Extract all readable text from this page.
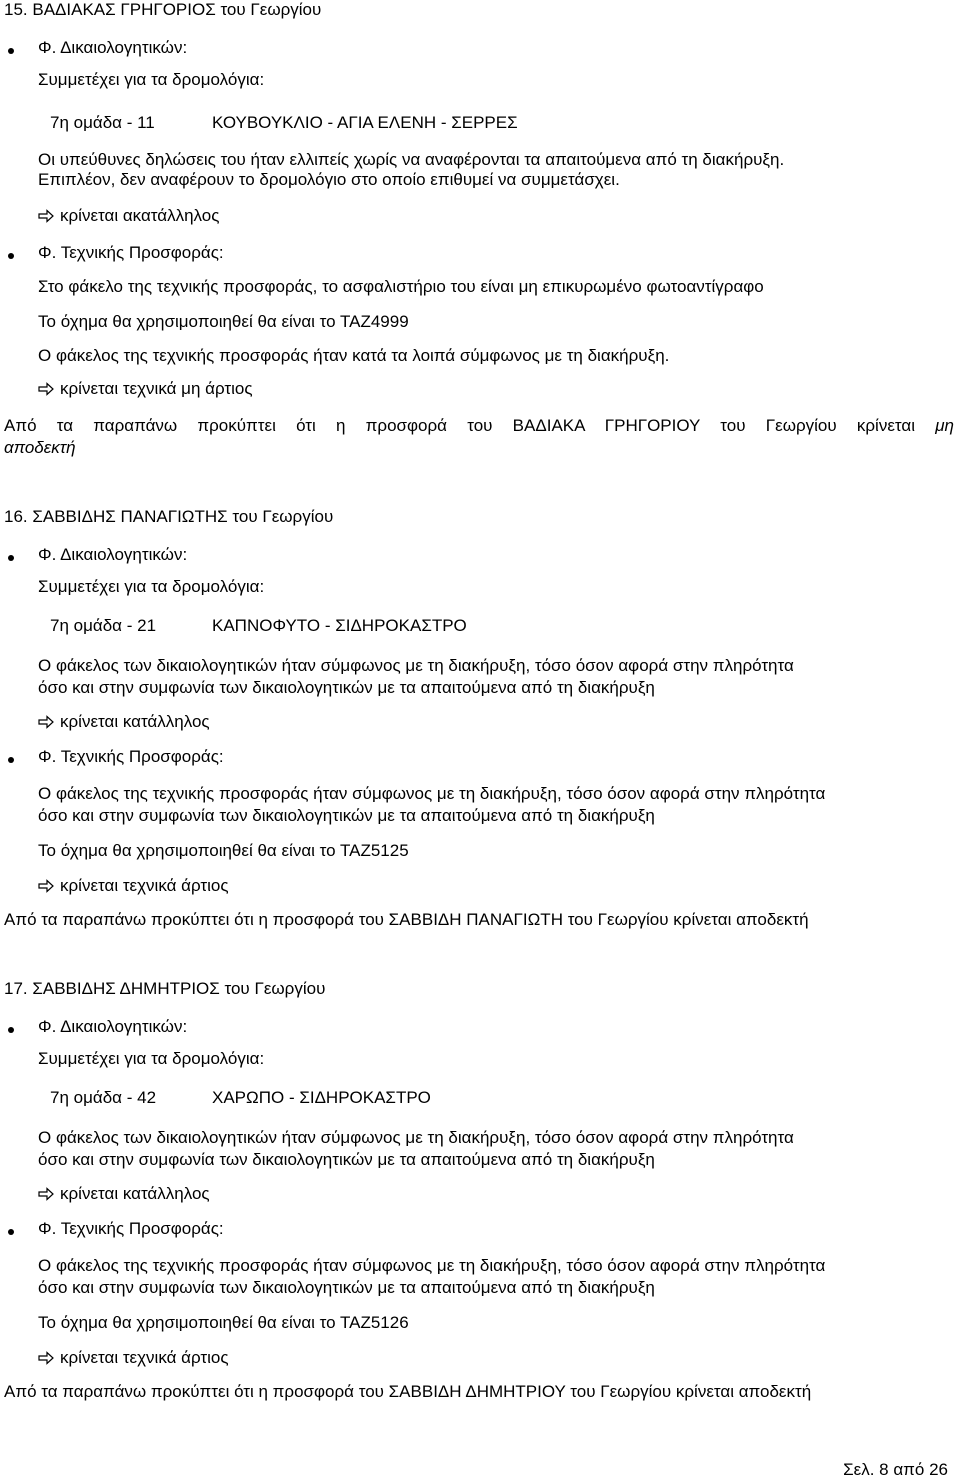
15. ΒΑΔΙΑΚΑΣ ΓΡΗΓΟΡΙΟΣ του Γεωργίου
Φ. Δικαιολογητικών:
Συμμετέχει για τα δρομολόγια:
7η ομάδα - 11	ΚΟΥΒΟΥΚΛΙΟ - ΑΓΙΑ ΕΛΕΝΗ - ΣΕΡΡΕΣ
Οι υπεύθυνες δηλώσεις του ήταν ελλιπείς χωρίς να αναφέρονται τα απαιτούμενα από τη διακήρυξη.
Επιπλέον, δεν αναφέρουν το δρομολόγιο στο οποίο επιθυμεί να συμμετάσχει.
κρίνεται ακατάλληλος
Φ. Τεχνικής Προσφοράς:
Στο φάκελο της τεχνικής προσφοράς, το ασφαλιστήριο του είναι μη επικυρωμένο φωτοαντίγραφο
Το όχημα θα χρησιμοποιηθεί θα είναι το ΤΑΖ4999
Ο φάκελος της τεχνικής προσφοράς ήταν κατά τα λοιπά σύμφωνος με τη διακήρυξη.
κρίνεται τεχνικά μη άρτιος
Από τα παραπάνω προκύπτει ότι η προσφορά του ΒΑΔΙΑΚΑ ΓΡΗΓΟΡΙΟΥ του Γεωργίου κρίνεται μη
αποδεκτή
16. ΣΑΒΒΙΔΗΣ ΠΑΝΑΓΙΩΤΗΣ του Γεωργίου
Φ. Δικαιολογητικών:
Συμμετέχει για τα δρομολόγια:
7η ομάδα - 21	ΚΑΠΝΟΦΥΤΟ - ΣΙΔΗΡΟΚΑΣΤΡΟ
Ο φάκελος των δικαιολογητικών ήταν σύμφωνος με τη διακήρυξη, τόσο όσον αφορά στην πληρότητα
όσο και στην συμφωνία των δικαιολογητικών με τα απαιτούμενα από τη διακήρυξη
κρίνεται κατάλληλος
Φ. Τεχνικής Προσφοράς:
Ο φάκελος της τεχνικής προσφοράς ήταν σύμφωνος με τη διακήρυξη, τόσο όσον αφορά στην πληρότητα
όσο και στην συμφωνία των δικαιολογητικών με τα απαιτούμενα από τη διακήρυξη
Το όχημα θα χρησιμοποιηθεί θα είναι το ΤΑΖ5125
κρίνεται τεχνικά άρτιος
Από τα παραπάνω προκύπτει ότι η προσφορά του ΣΑΒΒΙΔΗ ΠΑΝΑΓΙΩΤΗ του Γεωργίου κρίνεται αποδεκτή
17. ΣΑΒΒΙΔΗΣ ΔΗΜΗΤΡΙΟΣ του Γεωργίου
Φ. Δικαιολογητικών:
Συμμετέχει για τα δρομολόγια:
7η ομάδα - 42	ΧΑΡΩΠΟ - ΣΙΔΗΡΟΚΑΣΤΡΟ
Ο φάκελος των δικαιολογητικών ήταν σύμφωνος με τη διακήρυξη, τόσο όσον αφορά στην πληρότητα
όσο και στην συμφωνία των δικαιολογητικών με τα απαιτούμενα από τη διακήρυξη
κρίνεται κατάλληλος
Φ. Τεχνικής Προσφοράς:
Ο φάκελος της τεχνικής προσφοράς ήταν σύμφωνος με τη διακήρυξη, τόσο όσον αφορά στην πληρότητα
όσο και στην συμφωνία των δικαιολογητικών με τα απαιτούμενα από τη διακήρυξη
Το όχημα θα χρησιμοποιηθεί θα είναι το ΤΑΖ5126
κρίνεται τεχνικά άρτιος
Από τα παραπάνω προκύπτει ότι η προσφορά του ΣΑΒΒΙΔΗ ΔΗΜΗΤΡΙΟΥ του Γεωργίου κρίνεται αποδεκτή
Σελ. 8 από 26
